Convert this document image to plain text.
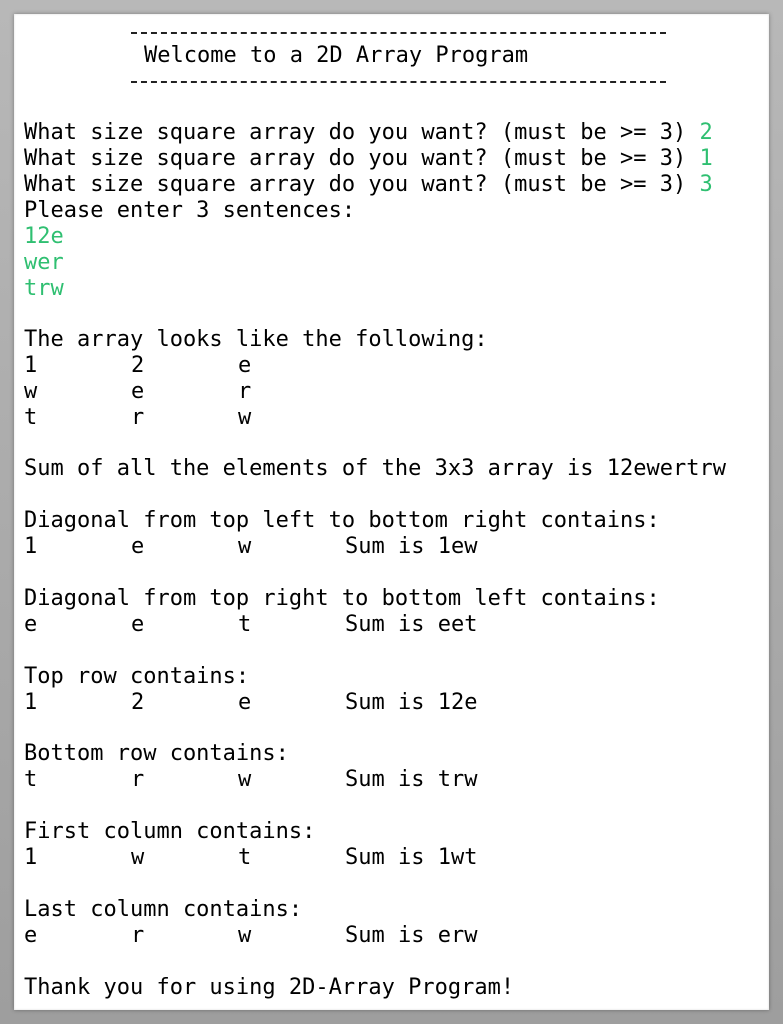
Welcome to a 2D Array Program
What size square array do you want? (must be >= 3) 2
What size square array do you want? (must be >= 3) 1
What size square array do you want? (must be >= 3) 3
Please enter 3 sentences:
12e
wer
trw
The array looks like the following:
1	2	e
w	e	r
t	r	w
Sum of all the elements of the 3x3 array is 12ewertrw
Diagonal from top left to bottom right contains:
1	e	w	Sum is 1ew
Diagonal from top right to bottom left contains:
e	e	t	Sum is eet
Top row contains:
1	2	e	Sum is 12e
Bottom row contains:
t	r	w	Sum is trw
First column contains:
1	w	t	Sum is 1wt
Last column contains:
e	r	w	Sum is erw
Thank you for using 2D-Array Program!
